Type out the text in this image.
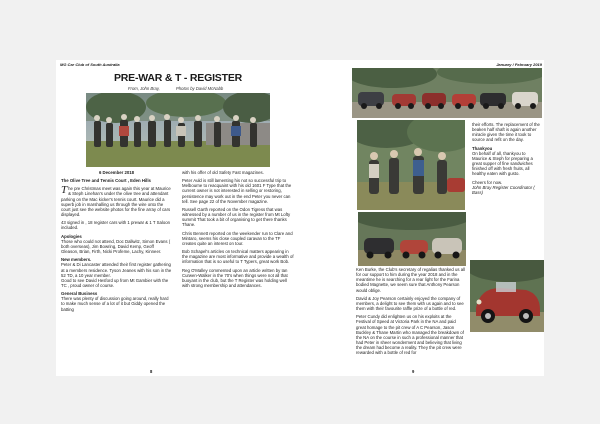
MG Car Club of South Australia
PRE-WAR & T - REGISTER
From, John Bray,	Photos by David McNabb

6 December 2018

The Olive Tree and Tennis Court , Eden Hills

The pre Christmas meet was again this year at Maurice & Steph Linehan's under the olive tree and attendant parking on the Mac kicker's tennis court. Maurice did a superb job in marshalling us through the wire onto the court just see the website photos for the fine array of cars displayed.

43 signed in , 18 register cars with 1 prewar & 1 T Saloon included.

Apologies

Those who could not attend, Doc Dallwitz, Simon Evans ( both overseas), Jim Bowring, David Kemp, Geoff Gleason, Brian, Firth, Nicki Profeme, Lachy, Kinneer.

New members.

Peter & Di Lancaster attended their first register gathering at a members residence. Tyson Jeanes with his son in the 52 TD, a 10 year member.

Good to see David Hesford up from Mt Gambier with the TC , proud owner of course.

General Business

There was plenty of discussion going around, really hard to make much sense of a lot of it but Giddy opened the batting

with his offer of old Safety Fast magazines.

Peter Auld is still lamenting his not so successful trip to Melbourne to reacquaint with his old 1601 F Type that the current owner is not interested in selling or restoring, persistence may work out in the end Peter you never can tell. See page 22 of the November magazine.

Russell Garth reported on the Odon Tigress that was witnessed by a number of us in the register from Mt Lofty summit That took a bit of organising to get there thanks Thane.

Chris Bennett reported on the weekender run to Clare and Mintaro, seems his close coupled caravan to the TF creates quite an interest on tour.

Bob Schapel's articles on technical matters appearing in the magazine are most informative and provide a wealth of information that is so useful to T Typers, great work Bob.

Reg O'Malley commented upon an article written by Ian Curwen-Walker in the 70's when things were not all that buoyant in the club, but the T Register was holding well with strong membership and attendances.

8
January / February 2019

Ken Burke, the Club's secretary of regalias thanked us all for our support to him during the year 2018 and in the meantime he is searching for a rear light for the Farina bodied Magnette, we seem sure that Anthony Pearson would oblige.

David & Joy Pearson certainly enjoyed the company of members, a delight to see them with us again and to see them with their favourite raffle prize of a bottle of red.

Peter Cundy did enlighten us on his exploits at the Festival of Speed at Victoria Park in the NA and paid great homage to the pit crew of A C Pearson, Jason Buckley & Thane Martin who managed the breakdown of the NA on the course in such a professional manner that had Peter in sheer wonderment and believing that living the dream had become a reality. They the pit crew were rewarded with a bottle of red for

their efforts. The replacement of the beaken half shaft is again another miracle given the time it took to source and refit on the day.

Thankyou

On behalf of all, thankyou to Maurice & Steph for preparing a great supper of fine sandwiches finished off with fresh fruits, all healthy eaten with gusto.

Cheers for now.

John Bray Register Coordinator ( Bass)

9
